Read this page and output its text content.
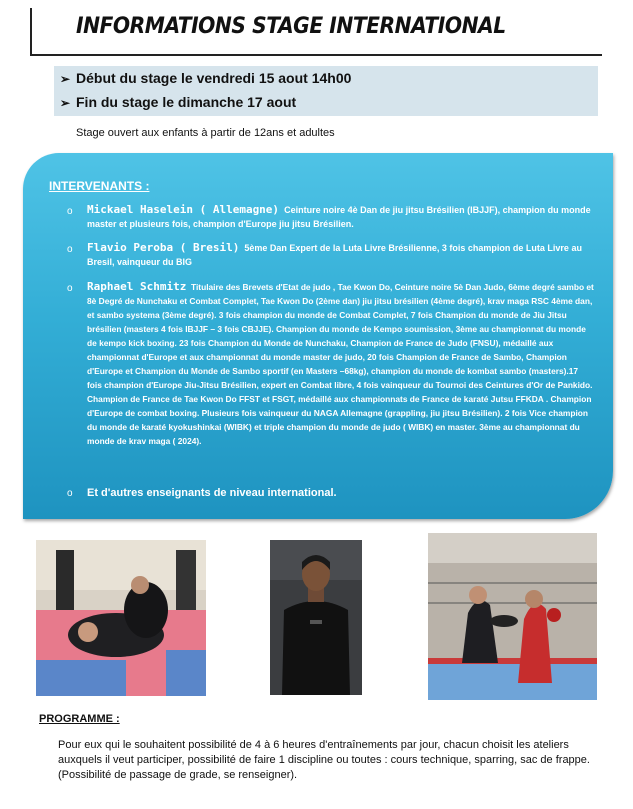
INFORMATIONS STAGE INTERNATIONAL
➢ Début du stage le vendredi 15 aout 14h00
➢ Fin du stage le dimanche 17 aout
Stage ouvert aux enfants à partir de 12ans et adultes
INTERVENANTS :
o Mickael Haselein ( Allemagne) Ceinture noire 4è Dan de jiu jitsu Brésilien (IBJJF), champion du monde master et plusieurs fois, champion d'Europe jiu jitsu Brésilien.
o Flavio Peroba ( Bresil) 5ème Dan Expert de la Luta Livre Brésilienne, 3 fois champion de Luta Livre au Bresil, vainqueur du BIG
o Raphael Schmitz Titulaire des Brevets d'Etat de judo , Tae Kwon Do, Ceinture noire 5è Dan Judo, 6ème degré sambo et 8è Degré de Nunchaku et Combat Complet, Tae Kwon Do (2ème dan) jiu jitsu brésilien (4ème degré), krav maga RSC 4ème dan, et sambo systema (3ème degré). 3 fois champion du monde de Combat Complet, 7 fois Champion du monde de Jiu Jitsu brésilien (masters 4 fois IBJJF – 3 fois CBJJE). Champion du monde de Kempo soumission, 3ème au championnat du monde de kempo kick boxing. 23 fois Champion du Monde de Nunchaku, Champion de France de Judo (FNSU), médaillé aux championnat d'Europe et aux championnat du monde master de judo, 20 fois Champion de France de Sambo, Champion d'Europe et Champion du Monde de Sambo sportif (en Masters –68kg), champion du monde de kombat sambo (masters).17 fois champion d'Europe Jiu-Jitsu Brésilien, expert en Combat libre, 4 fois vainqueur du Tournoi des Ceintures d'Or de Pankido. Champion de France de Tae Kwon Do FFST et FSGT, médaillé aux championnats de France de karaté Jutsu FFKDA . Champion d'Europe de combat boxing. Plusieurs fois vainqueur du NAGA Allemagne (grappling, jiu jitsu Brésilien). 2 fois Vice champion du monde de karaté kyokushinkai (WIBK) et triple champion du monde de judo ( WIBK) en master. 3ème au championnat du monde de krav maga ( 2024).
o Et d'autres enseignants de niveau international.
PROGRAMME :
Pour eux qui le souhaitent possibilité de 4 à 6 heures d'entraînements par jour, chacun choisit les ateliers auxquels il veut participer, possibilité de faire 1 discipline ou toutes : cours technique, sparring, sac de frappe. (Possibilité de passage de grade, se renseigner).
